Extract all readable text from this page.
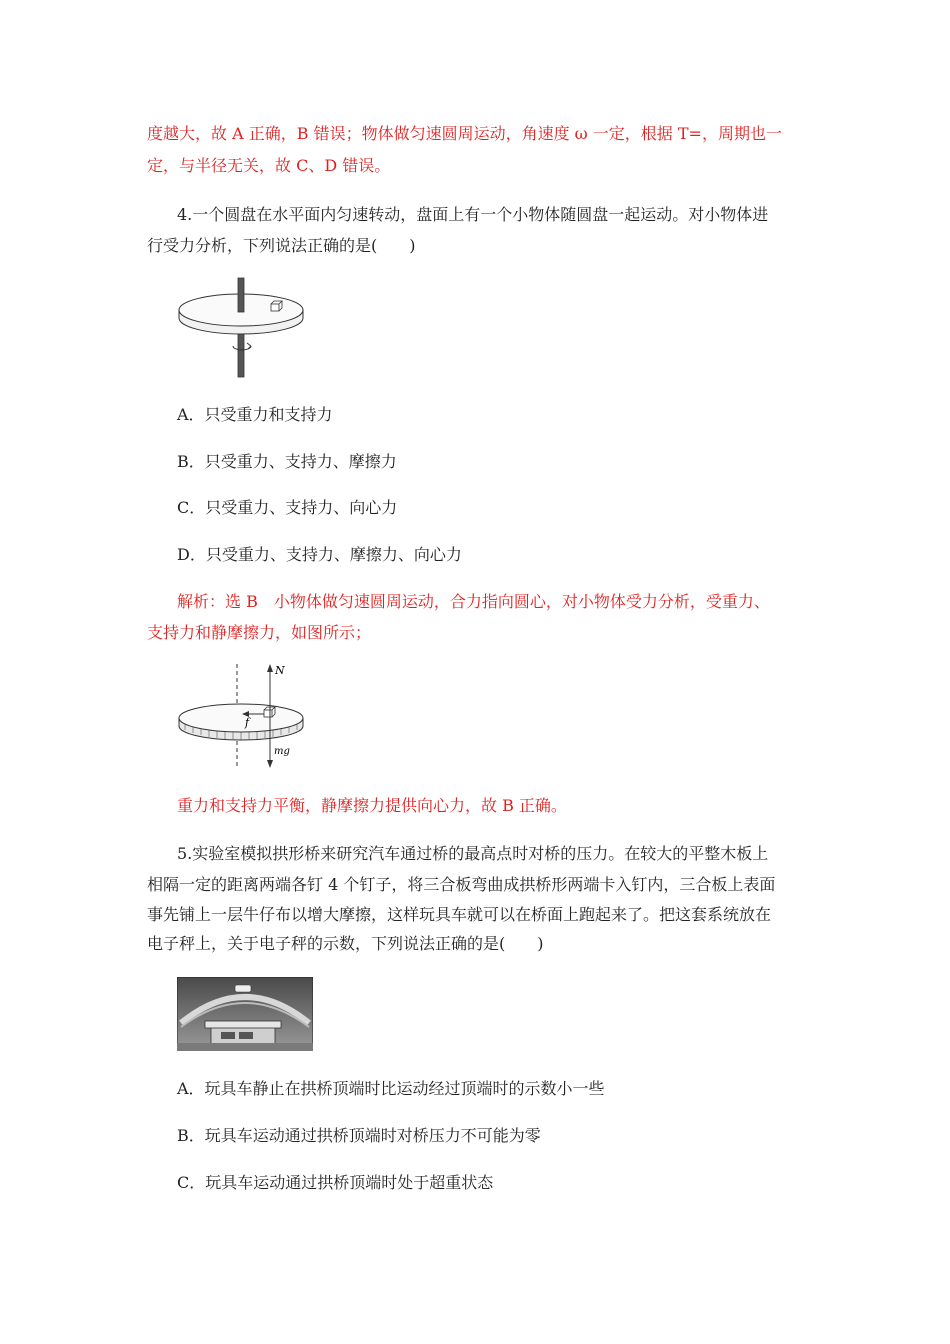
度越大，故 A 正确，B 错误；物体做匀速圆周运动，角速度 ω 一定，根据 T=，周期也一
定，与半径无关，故 C、D 错误。
4.一个圆盘在水平面内匀速转动，盘面上有一个小物体随圆盘一起运动。对小物体进
行受力分析，下列说法正确的是(　　)
A．只受重力和支持力
B．只受重力、支持力、摩擦力
C．只受重力、支持力、向心力
D．只受重力、支持力、摩擦力、向心力
解析：选 B　小物体做匀速圆周运动，合力指向圆心，对小物体受力分析，受重力、
支持力和静摩擦力，如图所示；
N
f
mg
重力和支持力平衡，静摩擦力提供向心力，故 B 正确。
5.实验室模拟拱形桥来研究汽车通过桥的最高点时对桥的压力。在较大的平整木板上
相隔一定的距离两端各钉 4 个钉子，将三合板弯曲成拱桥形两端卡入钉内，三合板上表面
事先铺上一层牛仔布以增大摩擦，这样玩具车就可以在桥面上跑起来了。把这套系统放在
电子秤上，关于电子秤的示数，下列说法正确的是(　　)
A．玩具车静止在拱桥顶端时比运动经过顶端时的示数小一些
B．玩具车运动通过拱桥顶端时对桥压力不可能为零
C．玩具车运动通过拱桥顶端时处于超重状态
